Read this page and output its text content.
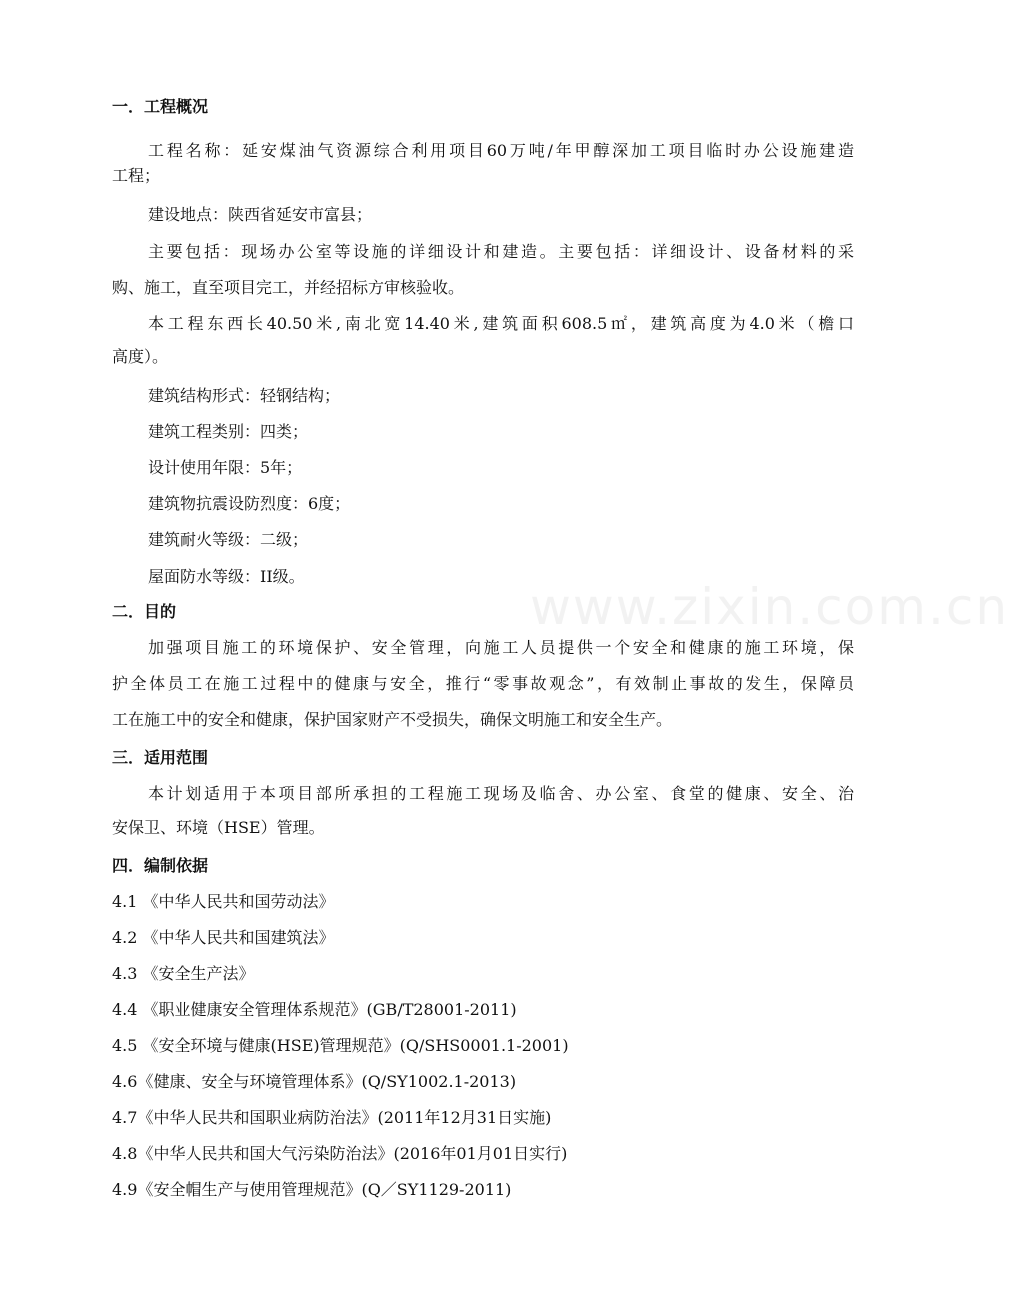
www.zixin.com.cn
一．工程概况
工程名称：延安煤油气资源综合利用项目60万吨/年甲醇深加工项目临时办公设施建造
工程；
建设地点：陕西省延安市富县；
主要包括：现场办公室等设施的详细设计和建造。主要包括：详细设计、设备材料的采
购、施工，直至项目完工，并经招标方审核验收。
本工程东西长40.50米,南北宽14.40米,建筑面积608.5㎡，建筑高度为4.0米（檐口
高度）。
建筑结构形式：轻钢结构；
建筑工程类别：四类；
设计使用年限：5年；
建筑物抗震设防烈度：6度；
建筑耐火等级：二级；
屋面防水等级：II级。
二．目的
加强项目施工的环境保护、安全管理，向施工人员提供一个安全和健康的施工环境，保
护全体员工在施工过程中的健康与安全，推行“零事故观念”，有效制止事故的发生，保障员
工在施工中的安全和健康，保护国家财产不受损失，确保文明施工和安全生产。
三．适用范围
本计划适用于本项目部所承担的工程施工现场及临舍、办公室、食堂的健康、安全、治
安保卫、环境（HSE）管理。
四．编制依据
4.1 《中华人民共和国劳动法》
4.2 《中华人民共和国建筑法》
4.3 《安全生产法》
4.4 《职业健康安全管理体系规范》(GB/T28001-2011)
4.5 《安全环境与健康(HSE)管理规范》(Q/SHS0001.1-2001)
4.6《健康、安全与环境管理体系》(Q/SY1002.1-2013)
4.7《中华人民共和国职业病防治法》(2011年12月31日实施)
4.8《中华人民共和国大气污染防治法》(2016年01月01日实行)
4.9《安全帽生产与使用管理规范》(Q／SY1129-2011)
